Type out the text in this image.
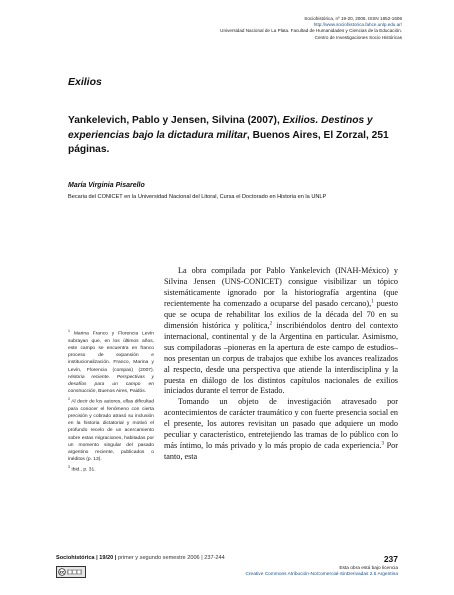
Sociohistórica, nº 19-20, 2006. ISSN 1852-1606
http://www.sociohistorica.fahce.unlp.edu.ar/
Universidad Nacional de La Plata. Facultad de Humanidades y Ciencias de la Educación.
Centro de Investigaciones Socio Históricas
Exilios
Yankelevich, Pablo y Jensen, Silvina (2007), Exilios. Destinos y experiencias bajo la dictadura militar, Buenos Aires, El Zorzal, 251 páginas.
María Virginia Pisarello
Becaria del CONICET en la Universidad Nacional del Litoral, Cursa el Doctorado en Historia en la UNLP

$^1$ Marina Franco y Florencia Levín subrayan que, en los últimos años, este campo se encuentra en franco proceso de expansión e institucionalización. Franco, Marina y Levín, Florencia (compas) (2007), Historia reciente. Perspectivas y desafíos para un campo en construcción, Buenos Aires, Paidós.

$^2$ Al decir de los autores, ellas dificultad para conocer el fenómeno con cierta precisión y cobrado atrasó su inclusión en la historia dictatorial y motivó el profundo recelo de un acercamiento sobre estas migraciones, habitadas por un momento singular del pasado argentino reciente, publicados o inéditos (p. 13).

$^3$ Ibid., p. 31.

La obra compilada por Pablo Yankelevich (INAH-México) y Silvina Jensen (UNS-CONICET) consigue visibilizar un tópico sistemáticamente ignorado por la historiografía argentina (que recientemente ha comenzado a ocuparse del pasado cercano),$^1$ puesto que se ocupa de rehabilitar los exilios de la década del 70 en su dimensión histórica y política,$^2$ inscribiéndolos dentro del contexto internacional, continental y de la Argentina en particular. Asimismo, sus compiladoras –pioneras en la apertura de este campo de estudios– nos presentan un corpus de trabajos que exhibe los avances realizados al respecto, desde una perspectiva que atiende la interdisciplina y la puesta en diálogo de los distintos capítulos nacionales de exilios iniciados durante el terror de Estado.

Tomando un objeto de investigación atravesado por acontecimientos de carácter traumático y con fuerte presencia social en el presente, los autores revisitan un pasado que adquiere un modo peculiar y característico, entretejiendo las tramas de lo público con lo más íntimo, lo más privado y lo más propio de cada experiencia.$^3$ Por tanto, esta

Sociohistórica | 19/20 | primer y segundo semestre 2006 | 237-244	237
cc
Esta obra está bajo licencia
Creative Commons Atribución-NoComercial-SinDerivadas 2.5 Argentina
